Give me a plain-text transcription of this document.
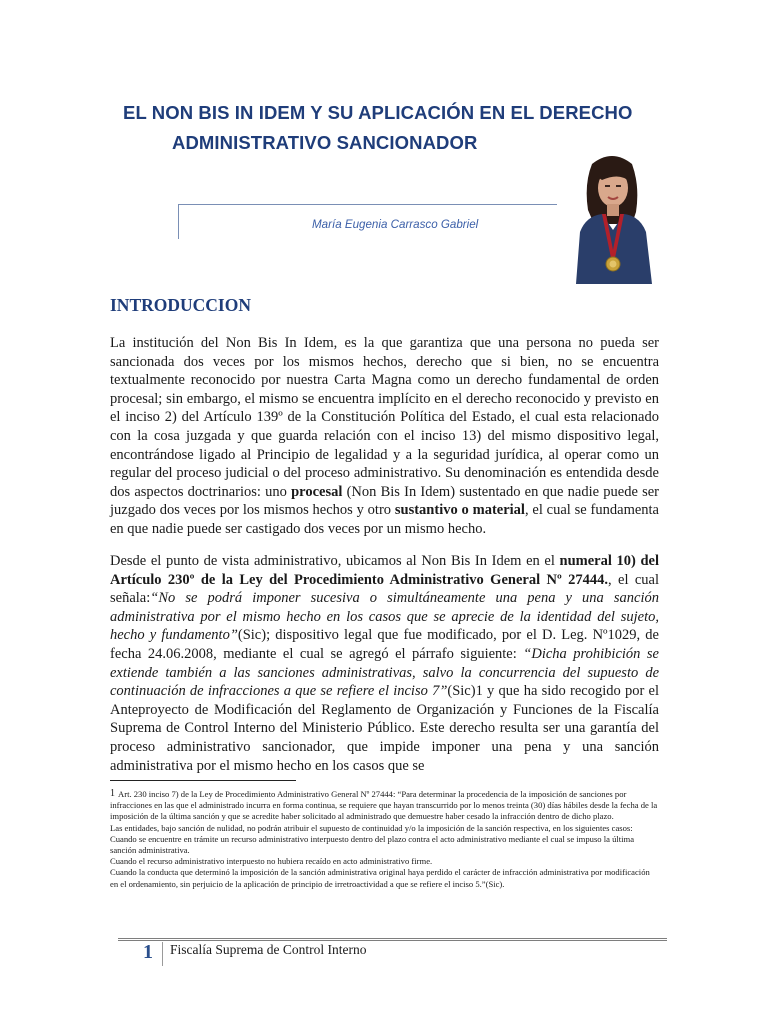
EL NON BIS IN IDEM Y SU APLICACIÓN EN EL DERECHO
ADMINISTRATIVO SANCIONADOR
María Eugenia Carrasco Gabriel
INTRODUCCION

La institución del Non Bis In Idem, es la que garantiza que una persona no pueda ser sancionada dos veces por los mismos hechos, derecho que si bien, no se encuentra textualmente reconocido por nuestra Carta Magna como un derecho fundamental de orden procesal; sin embargo, el mismo se encuentra implícito en el derecho reconocido y previsto en el inciso 2) del Artículo 139º de la Constitución Política del Estado, el cual esta relacionado con la cosa juzgada y que guarda relación con el inciso 13) del mismo dispositivo legal, encontrándose ligado al Principio de legalidad y a la seguridad jurídica, al operar como un regular del proceso judicial o del proceso administrativo. Su denominación es entendida desde dos aspectos doctrinarios: uno procesal (Non Bis In Idem) sustentado en que nadie puede ser juzgado dos veces por los mismos hechos y otro sustantivo o material, el cual se fundamenta en que nadie puede ser castigado dos veces por un mismo hecho.

Desde el punto de vista administrativo, ubicamos al Non Bis In Idem en el numeral 10) del Artículo 230º de la Ley del Procedimiento Administrativo General Nº 27444., el cual señala:“No se podrá imponer sucesiva o simultáneamente una pena y una sanción administrativa por el mismo hecho en los casos que se aprecie de la identidad del sujeto, hecho y fundamento”(Sic); dispositivo legal que fue modificado, por el D. Leg. Nº1029, de fecha 24.06.2008, mediante el cual se agregó el párrafo siguiente: “Dicha prohibición se extiende también a las sanciones administrativas, salvo la concurrencia del supuesto de continuación de infracciones a que se refiere el inciso 7”(Sic)1 y que ha sido recogido por el Anteproyecto de Modificación del Reglamento de Organización y Funciones de la Fiscalía Suprema de Control Interno del Ministerio Público. Este derecho resulta ser una garantía del proceso administrativo sancionador, que impide imponer una pena y una sanción administrativa por el mismo hecho en los casos que se

$^1$ Art. 230 inciso 7) de la Ley de Procedimiento Administrativo General Nº 27444: “Para determinar la procedencia de la imposición de sanciones por infracciones en las que el administrado incurra en forma continua, se requiere que hayan transcurrido por lo menos treinta (30) días hábiles desde la fecha de la imposición de la última sanción y que se acredite haber solicitado al administrado que demuestre haber cesado la infracción dentro de dicho plazo.
Las entidades, bajo sanción de nulidad, no podrán atribuir el supuesto de continuidad y/o la imposición de la sanción respectiva, en los siguientes casos:
Cuando se encuentre en trámite un recurso administrativo interpuesto dentro del plazo contra el acto administrativo mediante el cual se impuso la última sanción administrativa.
Cuando el recurso administrativo interpuesto no hubiera recaído en acto administrativo firme.
Cuando la conducta que determinó la imposición de la sanción administrativa original haya perdido el carácter de infracción administrativa por modificación en el ordenamiento, sin perjuicio de la aplicación de principio de irretroactividad a que se refiere el inciso 5.”(Sic).
1 Fiscalía Suprema de Control Interno
